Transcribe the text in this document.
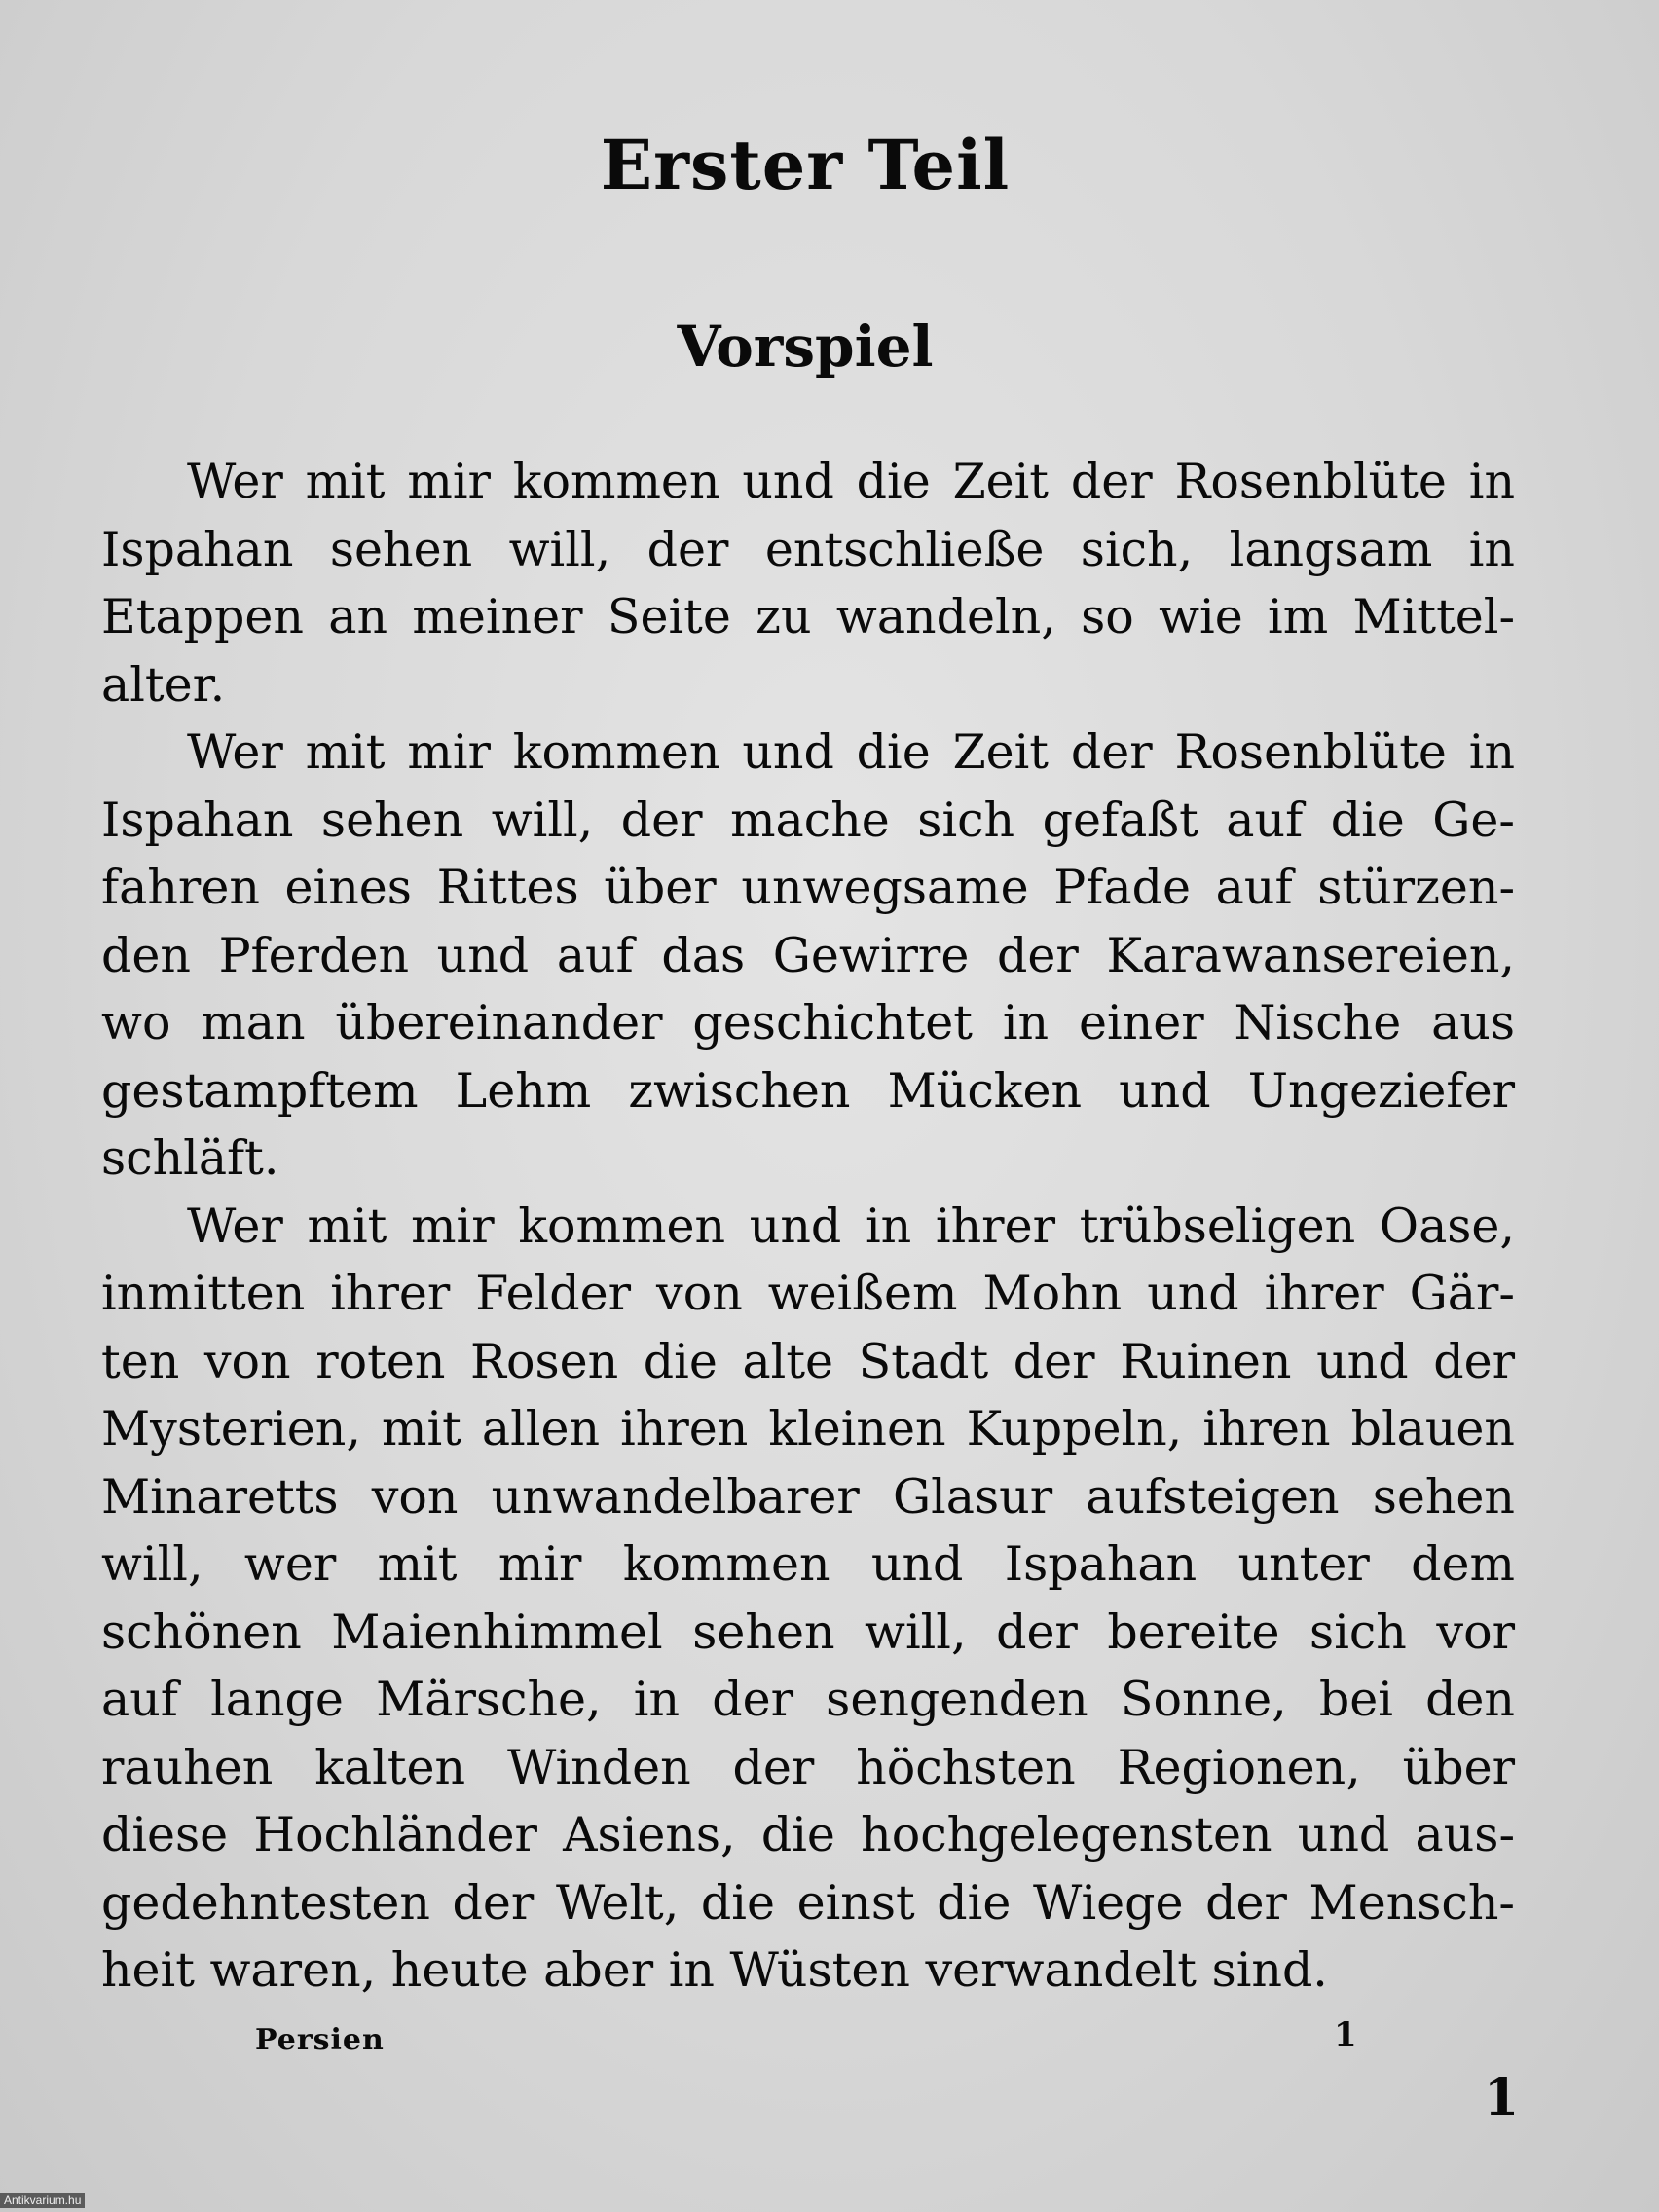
Erster Teil
Vorspiel
Wer mit mir kommen und die Zeit der Rosenblüte in
Ispahan sehen will, der entschließe sich, langsam in
Etappen an meiner Seite zu wandeln, so wie im Mittel-
alter.
Wer mit mir kommen und die Zeit der Rosenblüte in
Ispahan sehen will, der mache sich gefaßt auf die Ge-
fahren eines Rittes über unwegsame Pfade auf stürzen-
den Pferden und auf das Gewirre der Karawansereien,
wo man übereinander geschichtet in einer Nische aus
gestampftem Lehm zwischen Mücken und Ungeziefer
schläft.
Wer mit mir kommen und in ihrer trübseligen Oase,
inmitten ihrer Felder von weißem Mohn und ihrer Gär-
ten von roten Rosen die alte Stadt der Ruinen und der
Mysterien, mit allen ihren kleinen Kuppeln, ihren blauen
Minaretts von unwandelbarer Glasur aufsteigen sehen
will, wer mit mir kommen und Ispahan unter dem
schönen Maienhimmel sehen will, der bereite sich vor
auf lange Märsche, in der sengenden Sonne, bei den
rauhen kalten Winden der höchsten Regionen, über
diese Hochländer Asiens, die hochgelegensten und aus-
gedehntesten der Welt, die einst die Wiege der Mensch-
heit waren, heute aber in Wüsten verwandelt sind.
Persien	1
1
Antikvarium.hu
